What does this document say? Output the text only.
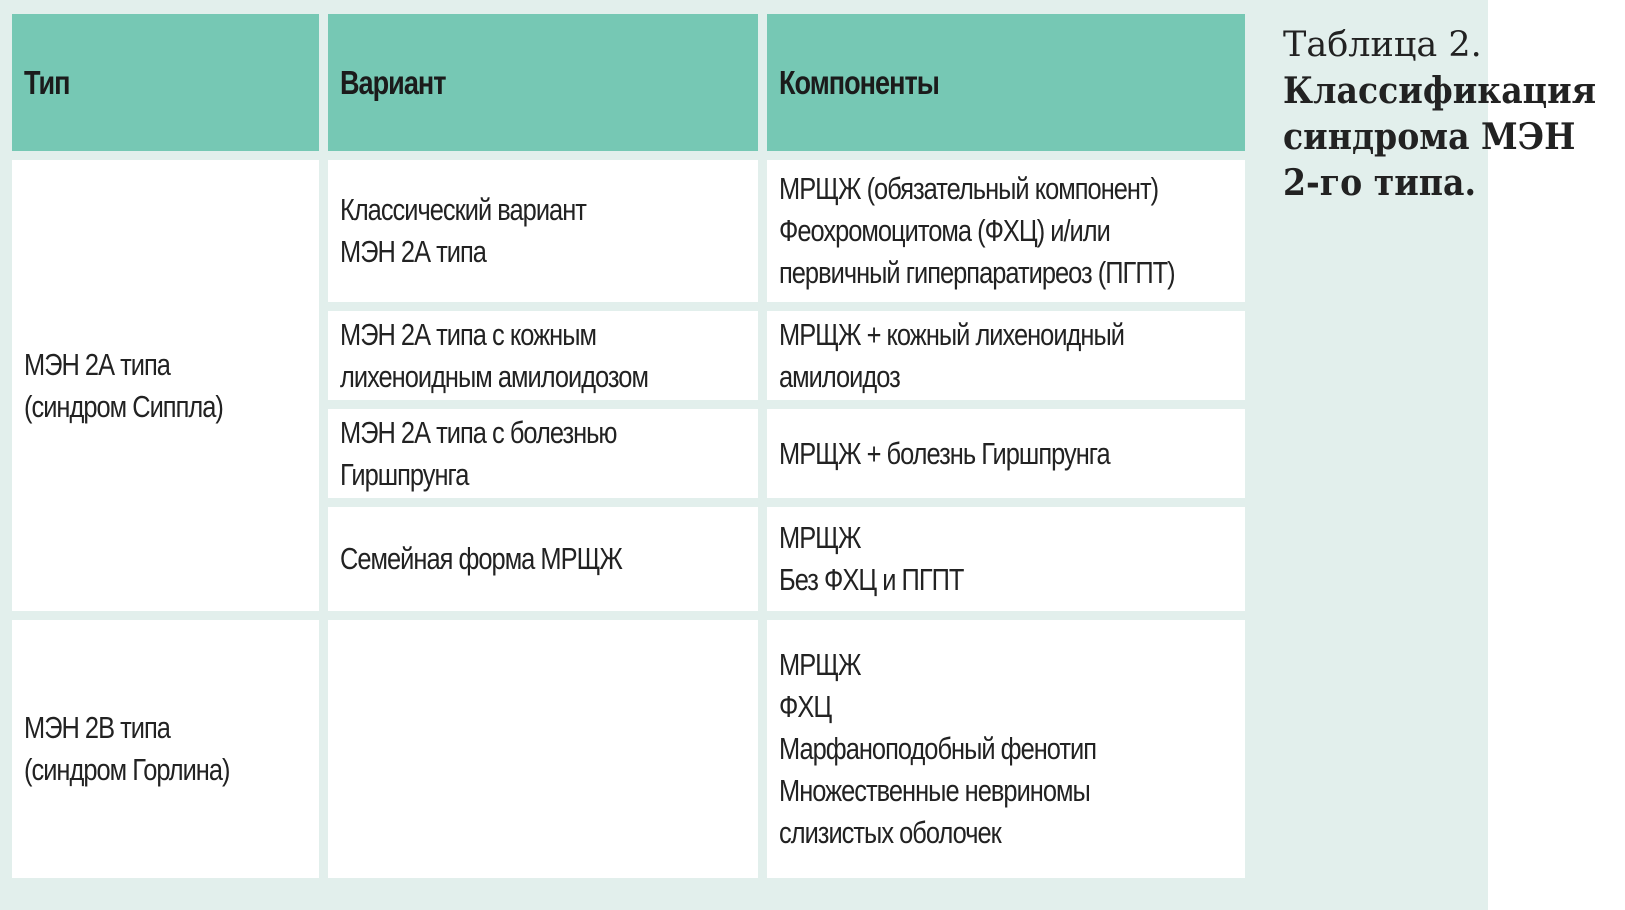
Тип	Вариант	Компоненты
МЭН 2А типа
(синдром Сиппла)
МЭН 2В типа
(синдром Горлина)
Классический вариант
МЭН 2А типа
МРЩЖ (обязательный компонент)
Феохромоцитома (ФХЦ) и/или
первичный гиперпаратиреоз (ПГПТ)
МЭН 2А типа с кожным
лихеноидным амилоидозом
МРЩЖ + кожный лихеноидный
амилоидоз
МЭН 2А типа с болезнью
Гиршпрунга
МРЩЖ + болезнь Гиршпрунга
Семейная форма МРЩЖ
МРЩЖ
Без ФХЦ и ПГПТ
МРЩЖ
ФХЦ
Марфаноподобный фенотип
Множественные невриномы
слизистых оболочек
Таблица 2.
Классификация
синдрома МЭН
2-го типа.
